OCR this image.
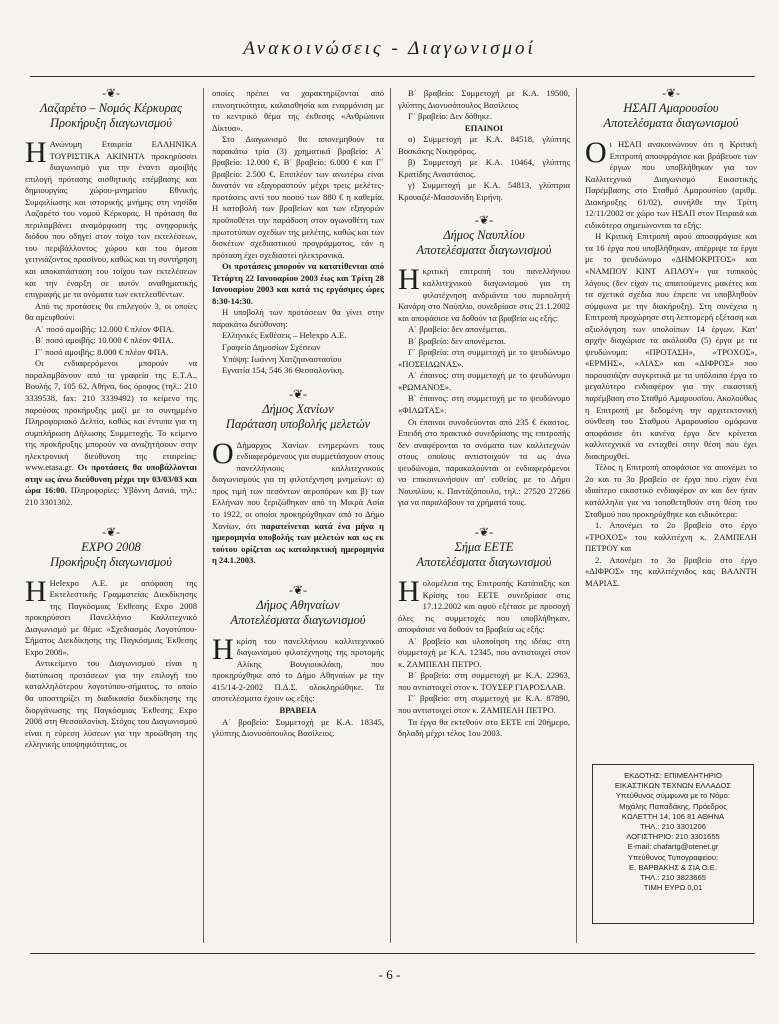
Ανακοινώσεις - Διαγωνισμοί
-❦-
Λαζαρέτο – Νομός Κέρκυρας
Προκήρυξη διαγωνισμού

Η Ανώνυμη Εταιρεία ΕΛΛΗΝΙΚΑ ΤΟΥΡΙΣΤΙΚΑ ΑΚΙΝΗΤΑ προκηρύσσει διαγωνισμό για την έναντι αμοιβής επιλογή πρότασης αισθητικής επέμβασης και δημιουργίας χώρου-μνημείου Εθνικής Συμφιλίωσης και ιστορικής μνήμης στη νησίδα Λαζαρέτο του νομού Κέρκυρας. Η πρόταση θα περιλαμβάνει αναμόρφωση της ανηφορικής διόδου που οδηγεί στον τοίχο των εκτελέσεων, του περιβάλλοντος χώρου και του άμεσα γειτνιάζοντος πρασίνου, καθώς και τη συντήρηση και αποκατάσταση του τοίχου των εκτελέσεων και την έναρξη σε αυτόν αναθηματικής επιγραφής με τα ονόματα των εκτελεσθέντων.

Από τις προτάσεις θα επιλεγούν 3, οι οποίες θα αμειφθούν:

Α΄ ποσό αμοιβής: 12.000 € πλέον ΦΠΑ.

Β΄ ποσό αμοιβής: 10.000 € πλέον ΦΠΑ.

Γ΄ ποσό αμοιβής: 8.000 € πλέον ΦΠΑ.

Οι ενδιαφερόμενοι μπορούν να παραλαμβάνουν από τα γραφεία της Ε.Τ.Α., Βουλής 7, 105 62, Αθήνα, 6ος όροφος (τηλ.: 210 3339538, fax: 210 3339492) το κείμενο της παρούσας προκήρυξης μαζί με το συνημμένο Πληροφοριακό Δελτίο, καθώς και έντυπα για τη συμπλήρωση Δήλωσης Συμμετοχής. Το κείμενο της προκήρυξης μπορούν να αναζητήσουν στην ηλεκτρονική διεύθυνση της εταιρείας: www.etasa.gr. Οι προτάσεις θα υποβάλλονται στην ως άνω διεύθυνση μέχρι την 03/03/03 και ώρα 16:00. Πληροφορίες: Υβόννη Δανιά, τηλ.: 210 3301302.

-❦-
EXPO 2008
Προκήρυξη διαγωνισμού

Η Helexpo Α.Ε. με απόφαση της Εκτελεστικής Γραμματείας Διεκδίκησης της Παγκόσμιας Έκθεσης Expo 2008 προκηρύσσει Πανελλήνιο Καλλιτεχνικό Διαγωνισμό με θέμα: «Σχεδιασμός Λογοτύπου-Σήματος Διεκδίκησης της Παγκόσμιας Έκθεσης Expo 2008».

Αντικείμενο του Διαγωνισμού είναι η διατύπωση προτάσεων για την επιλογή του καταλληλότερου λογοτύπου-σήματος, το οποίο θα υποστηρίζει τη διαδικασία διεκδίκησης της διοργάνωσης της Παγκόσμιας Έκθεσης Expo 2008 στη Θεσσαλονίκη. Στόχος του Διαγωνισμού είναι η εύρεση λύσεων για την προώθηση της ελληνικής υποψηφιότητας, οι

οποίες πρέπει να χαρακτηρίζονται από επινοητικότητα, καλαισθησία και εναρμόνιση με το κεντρικό θέμα της έκθεσης «Ανθρώπινα Δίκτυα».

Στο Διαγωνισμό θα απονεμηθούν τα παρακάτω τρία (3) χρηματικά βραβεία: Α΄ βραβείο: 12.000 €, Β΄ βραβείο: 6.000 € και Γ΄ βραβείο: 2.500 €. Επιπλέον των ανωτέρω είναι δυνατόν να εξαγοραστούν μέχρι τρεις μελέτες-προτάσεις αντί του ποσού των 880 € η καθεμία. Η καταβολή των βραβείων και των εξαγορών προϋποθέτει την παράδοση στον αγωνοθέτη των πρωτοτύπων σχεδίων της μελέτης, καθώς και των δισκέτων σχεδιαστικού προγράμματος, εάν η πρόταση έχει σχεδιαστεί ηλεκτρονικά.

Οι προτάσεις μπορούν να κατατίθενται από Τετάρτη 22 Ιανουαρίου 2003 έως και Τρίτη 28 Ιανουαρίου 2003 και κατά τις εργάσιμες ώρες 8:30-14:30.

Η υποβολή των προτάσεων θα γίνει στην παρακάτω διεύθυνση:

Ελληνικές Εκθέσεις – Helexpo Α.Ε.

Γραφείο Δημοσίων Σχέσεων

Υπόψη: Ιωάννη Χατζηαναστασίου

Εγνατία 154, 546 36 Θεσσαλονίκη.

-❦-
Δήμος Χανίων
Παράταση υποβολής μελετών

Ο Δήμαρχος Χανίων ενημερώνει τους ενδιαφερόμενους για συμμετάσχουν στους πανελλήνιους καλλιτεχνικούς διαγωνισμούς για τη φιλοτέχνηση μνημείων: α) προς τιμή των πεσόντων αεροπόρων και β) των Ελλήνων που ξεριζώθηκαν από τη Μικρά Ασία το 1922, οι οποίοι προκηρύχθηκαν από το Δήμο Χανίων, ότι παρατείνεται κατά ένα μήνα η ημερομηνία υποβολής των μελετών και ως εκ τούτου ορίζεται ως καταληκτική ημερομηνία η 24.1.2003.

-❦-
Δήμος Αθηναίων
Αποτελέσματα διαγωνισμού

Ηκρίση του πανελλήνιου καλλιτεχνικού διαγωνισμού φιλοτέχνησης της προτομής Αλίκης Βουγιουκλάκη, που προκηρύχθηκε από το Δήμο Αθηναίων με την 415/14-2-2002 Π.Δ.Σ. ολοκληρώθηκε. Τα αποτελέσματα έχουν ως εξής:

ΒΡΑΒΕΙΑ

Α΄ βραβείο: Συμμετοχή με Κ.Α. 18345, γλύπτης Διονυσόπουλος Βασίλειος.

Β΄ βραβείο: Συμμετοχή με Κ.Α. 19500, γλύπτης Διονυσόπουλος Βασίλειος

Γ΄ βραβείο: Δεν δόθηκε.

ΕΠΑΙΝΟΙ

α) Συμμετοχή με Κ.Α. 84518, γλύπτης Βοσκάκης Νικηφόρος.

β) Συμμετοχή με Κ.Α. 10464, γλύπτης Κρατίδης Αναστάσιος.

γ) Συμμετοχή με Κ.Α. 54813, γλύπτρια Κρουαζιέ-Μασσονίδη Ειρήνη.

-❦-
Δήμος Ναυπλίου
Αποτελέσματα διαγωνισμού

Ηκριτική επιτροπή του πανελλήνιου καλλιτεχνικού διαγωνισμού για τη φιλοτέχνηση ανδριάντα του πυρπολητή Κανάρη στο Ναύπλιο, συνεδρίασε στις 21.1.2002 και αποφάσισε να δοθούν τα βραβεία ως εξής:

Α΄ βραβείο: δεν απονέμεται.

Β΄ βραβείο: δεν απονέμεται.

Γ΄ βραβείο: στη συμμετοχή με το ψευδώνυμο «ΠΟΣΕΙΔΩΝΑΣ».

Α΄ έπαινος: στη συμμετοχή με το ψευδώνυμο «ΡΩΜΑΝΟΣ».

Β΄ έπαινος: στη συμμετοχή με το ψευδώνυμο «ΦΙΛΩΤΑΣ».

Οι έπαινοι συνοδεύονται από 235 € έκαστος. Επειδή στο πρακτικό συνεδρίασης της επιτροπής δεν αναφέρονται τα ονόματα των καλλιτεχνών στους οποίους αντιστοιχούν τα ως άνω ψευδώνυμα, παρακαλούνται οι ενδιαφερόμενοι να επικοινωνήσουν απ' ευθείας με το Δήμο Ναυπλίου, κ. Παντάζόπουλο, τηλ.: 27520 27266 για να παραλάβουν τα χρήματά τους.

-❦-
Σήμα ΕΕΤΕ
Αποτελέσματα διαγωνισμού

Ηολομέλεια της Επιτροπής Κατάταξης και Κρίσης του ΕΕΤΕ συνεδρίασε στις 17.12.2002 και αφού εξέτασε με προσοχή όλες τις συμμετοχές που υποβλήθηκαν, αποφάσισε να δοθούν τα βραβεία ως εξής:

Α΄ βραβείο και υλοποίηση της ιδέας: στη συμμετοχή με Κ.Α. 12345, που αντιστοιχεί στον κ. ΖΑΜΠΕΛΗ ΠΕΤΡΟ.

Β΄ βραβείο: στη συμμετοχή με Κ.Α. 22963, που αντιστοιχεί στον κ. ΤΟΥΣΕΡ ΓΙΑΡΟΣΛΑΒ.

Γ΄ βραβείο: στη συμμετοχή με Κ.Α. 87890, που αντιστοιχεί στον κ. ΖΑΜΠΕΛΗ ΠΕΤΡΟ.

Τα έργα θα εκτεθούν στο ΕΕΤΕ επί 20ήμερο, δηλαδή μέχρι τέλος 1ου 2003.

-❦-
ΗΣΑΠ Αμαρουσίου
Αποτελέσματα διαγωνισμού

Οι ΗΣΑΠ ανακοινώνουν ότι η Κριτική Επιτροπή αποσφράγισε και βράβευσε των έργων που υποβλήθηκαν για τον Καλλιτεχνικό Διαγωνισμό Εικαστικής Παρέμβασης στο Σταθμό Αμαρουσίου (αριθμ. Διακήρυξης 61/02), συνήλθε την Τρίτη 12/11/2002 σε χώρο των ΗΣΑΠ στον Πειραιά και ειδικότερα σημειώνονται τα εξής:

Η Κριτική Επιτροπή αφού αποσφράγισε και τα 16 έργα που υποβλήθηκαν, απέρριψε τα έργα με το ψευδώνυμο «ΔΗΜΟΚΡΙΤΟΣ» και «ΝΑΜΠΟΥ ΚΙΝΤ ΑΠΛΟΥ» για τυπικούς λόγους (δεν είχαν τις απαιτούμενες μακέτες και τα σχετικά σχέδια που έπρεπε να υποβληθούν σύμφωνα με την διακήρυξη). Στη συνέχεια η Επιτροπή προχώρησε στη λεπτομερή εξέταση και αξιολόγηση των υπολοίπων 14 έργων. Κατ' αρχήν διαχώρισε τα ακόλουθα (5) έργα με τα ψευδώνυμα: «ΠΡΟΤΑΣΗ», «ΤΡΟΧΟΣ», «ΕΡΜΗΣ», «ΑΙΑΣ» και «ΔΙΦΡΟΣ» που παρουσιάζαν συγκριτικά με τα υπόλοιπα έργα το μεγαλύτερο ενδιαφέρον για την εικαστική παρέμβαση στο Σταθμό Αμαρουσίου. Ακολούθως η Επιτροπή με δεδομένη την αρχιτεκτονική σύνθεση του Σταθμού Αμαρουσίου ομόφωνα αποφάσισε ότι κανένα έργο δεν κρίνεται καλλιτεχνικά να ενταχθεί στην θέση που έχει διακηρυχθεί.

Τέλος η Επιτροπή αποφάσισε να απονέμει το 2ο και το 3ο βραβείο σε έργα που είχαν ένα ιδιαίτερο εικαστικό ενδιαφέρον αν και δεν ήταν κατάλληλα για να τοποθετηθούν στη θέση του Σταθμού που προκηρύχθηκε και ειδικότερα:

1. Απονέμει το 2ο βραβείο στο έργο «ΤΡΟΧΟΣ» του καλλιτέχνη κ. ΖΑΜΠΕΛΗ ΠΕΤΡΟΥ και

2. Απονέμει το 3ο βραβείο στο έργο «ΔΙΦΡΟΣ» της καλλιτέχνιδος κας ΒΑΛΝΤΗ ΜΑΡΙΑΣ.

ΕΚΔΟΤΗΣ: ΕΠΙΜΕΛΗΤΗΡΙΟ

ΕΙΚΑΣΤΙΚΩΝ ΤΕΧΝΩΝ ΕΛΛΑΔΟΣ

Υπεύθυνος σύμφωνα με το Νόμο:

Μιχάλης Παπαδάκης, Πρόεδρος

ΚΩΛΕΤΤΗ 14, 106 81 ΑΘΗΝΑ

ΤΗΛ.: 210 3301206

ΛΟΓΙΣΤΗΡΙΟ: 210 3301655

E-mail: chafartg@otenet.gr

Υπεύθυνος Τυπογραφείου:

Ε. ΒΑΡΒΑΚΗΣ & ΣΙΑ Ο.Ε.

ΤΗΛ.: 210 3823665

ΤΙΜΗ ΕΥΡΩ 0,01

- 6 -
